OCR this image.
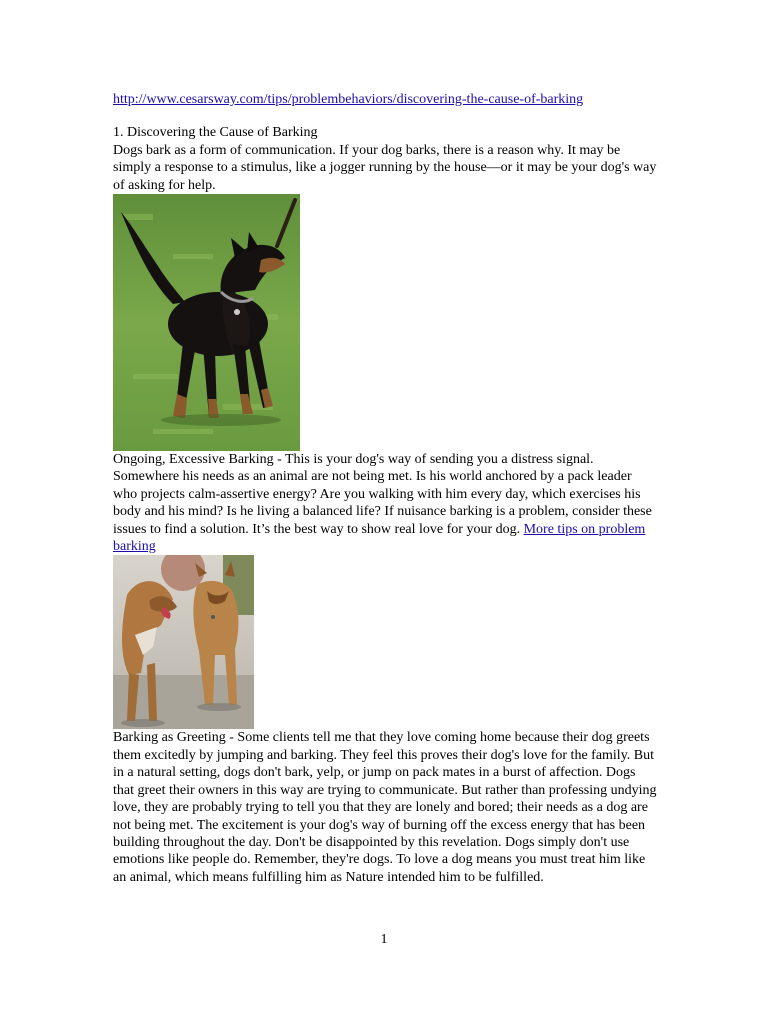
http://www.cesarsway.com/tips/problembehaviors/discovering-the-cause-of-barking
1. Discovering the Cause of Barking

Dogs bark as a form of communication. If your dog barks, there is a reason why. It may be simply a response to a stimulus, like a jogger running by the house—or it may be your dog's way of asking for help.

Ongoing, Excessive Barking - This is your dog's way of sending you a distress signal. Somewhere his needs as an animal are not being met. Is his world anchored by a pack leader who projects calm-assertive energy? Are you walking with him every day, which exercises his body and his mind? Is he living a balanced life? If nuisance barking is a problem, consider these issues to find a solution. It’s the best way to show real love for your dog. More tips on problem barking

Barking as Greeting - Some clients tell me that they love coming home because their dog greets them excitedly by jumping and barking. They feel this proves their dog's love for the family. But in a natural setting, dogs don't bark, yelp, or jump on pack mates in a burst of affection. Dogs that greet their owners in this way are trying to communicate. But rather than professing undying love, they are probably trying to tell you that they are lonely and bored; their needs as a dog are not being met. The excitement is your dog's way of burning off the excess energy that has been building throughout the day. Don't be disappointed by this revelation. Dogs simply don't use emotions like people do. Remember, they're dogs. To love a dog means you must treat him like an animal, which means fulfilling him as Nature intended him to be fulfilled.

1
